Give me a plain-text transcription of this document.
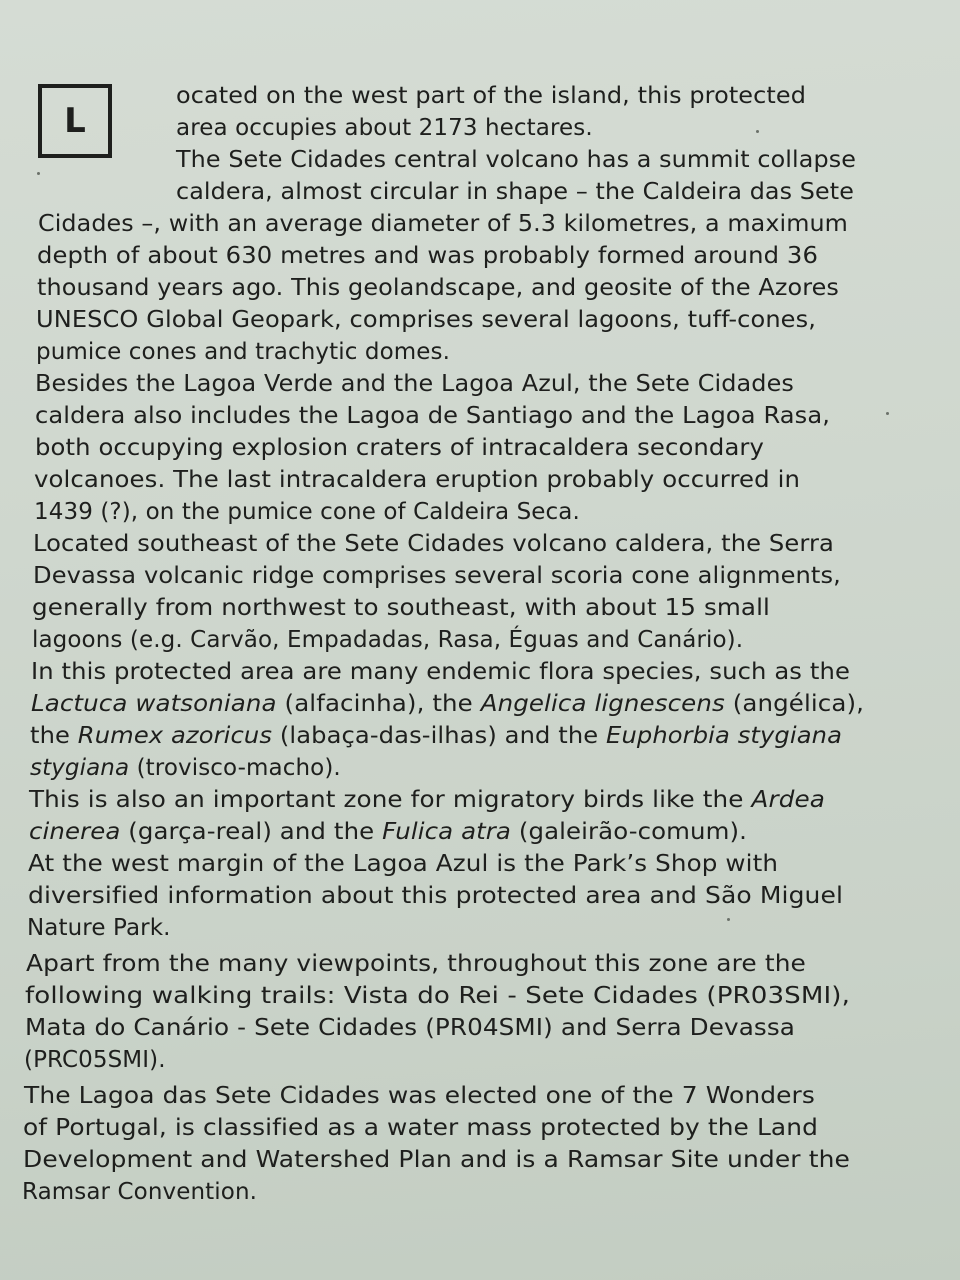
L
ocated on the west part of the island, this protected
area occupies about 2173 hectares.
The Sete Cidades central volcano has a summit collapse
caldera, almost circular in shape – the Caldeira das Sete
Cidades –, with an average diameter of 5.3 kilometres, a maximum
depth of about 630 metres and was probably formed around 36
thousand years ago. This geolandscape, and geosite of the Azores
UNESCO Global Geopark, comprises several lagoons, tuff-cones,
pumice cones and trachytic domes.
Besides the Lagoa Verde and the Lagoa Azul, the Sete Cidades
caldera also includes the Lagoa de Santiago and the Lagoa Rasa,
both occupying explosion craters of intracaldera secondary
volcanoes. The last intracaldera eruption probably occurred in
1439 (?), on the pumice cone of Caldeira Seca.
Located southeast of the Sete Cidades volcano caldera, the Serra
Devassa volcanic ridge comprises several scoria cone alignments,
generally from northwest to southeast, with about 15 small
lagoons (e.g. Carvão, Empadadas, Rasa, Éguas and Canário).
In this protected area are many endemic flora species, such as the
Lactuca watsoniana (alfacinha), the Angelica lignescens (angélica),
the Rumex azoricus (labaça-das-ilhas) and the Euphorbia stygiana
stygiana (trovisco-macho).
This is also an important zone for migratory birds like the Ardea
cinerea (garça-real) and the Fulica atra (galeirão-comum).
At the west margin of the Lagoa Azul is the Park’s Shop with
diversified information about this protected area and São Miguel
Nature Park.
Apart from the many viewpoints, throughout this zone are the
following walking trails: Vista do Rei - Sete Cidades (PR03SMI),
Mata do Canário - Sete Cidades (PR04SMI) and Serra Devassa
(PRC05SMI).
The Lagoa das Sete Cidades was elected one of the 7 Wonders
of Portugal, is classified as a water mass protected by the Land
Development and Watershed Plan and is a Ramsar Site under the
Ramsar Convention.
